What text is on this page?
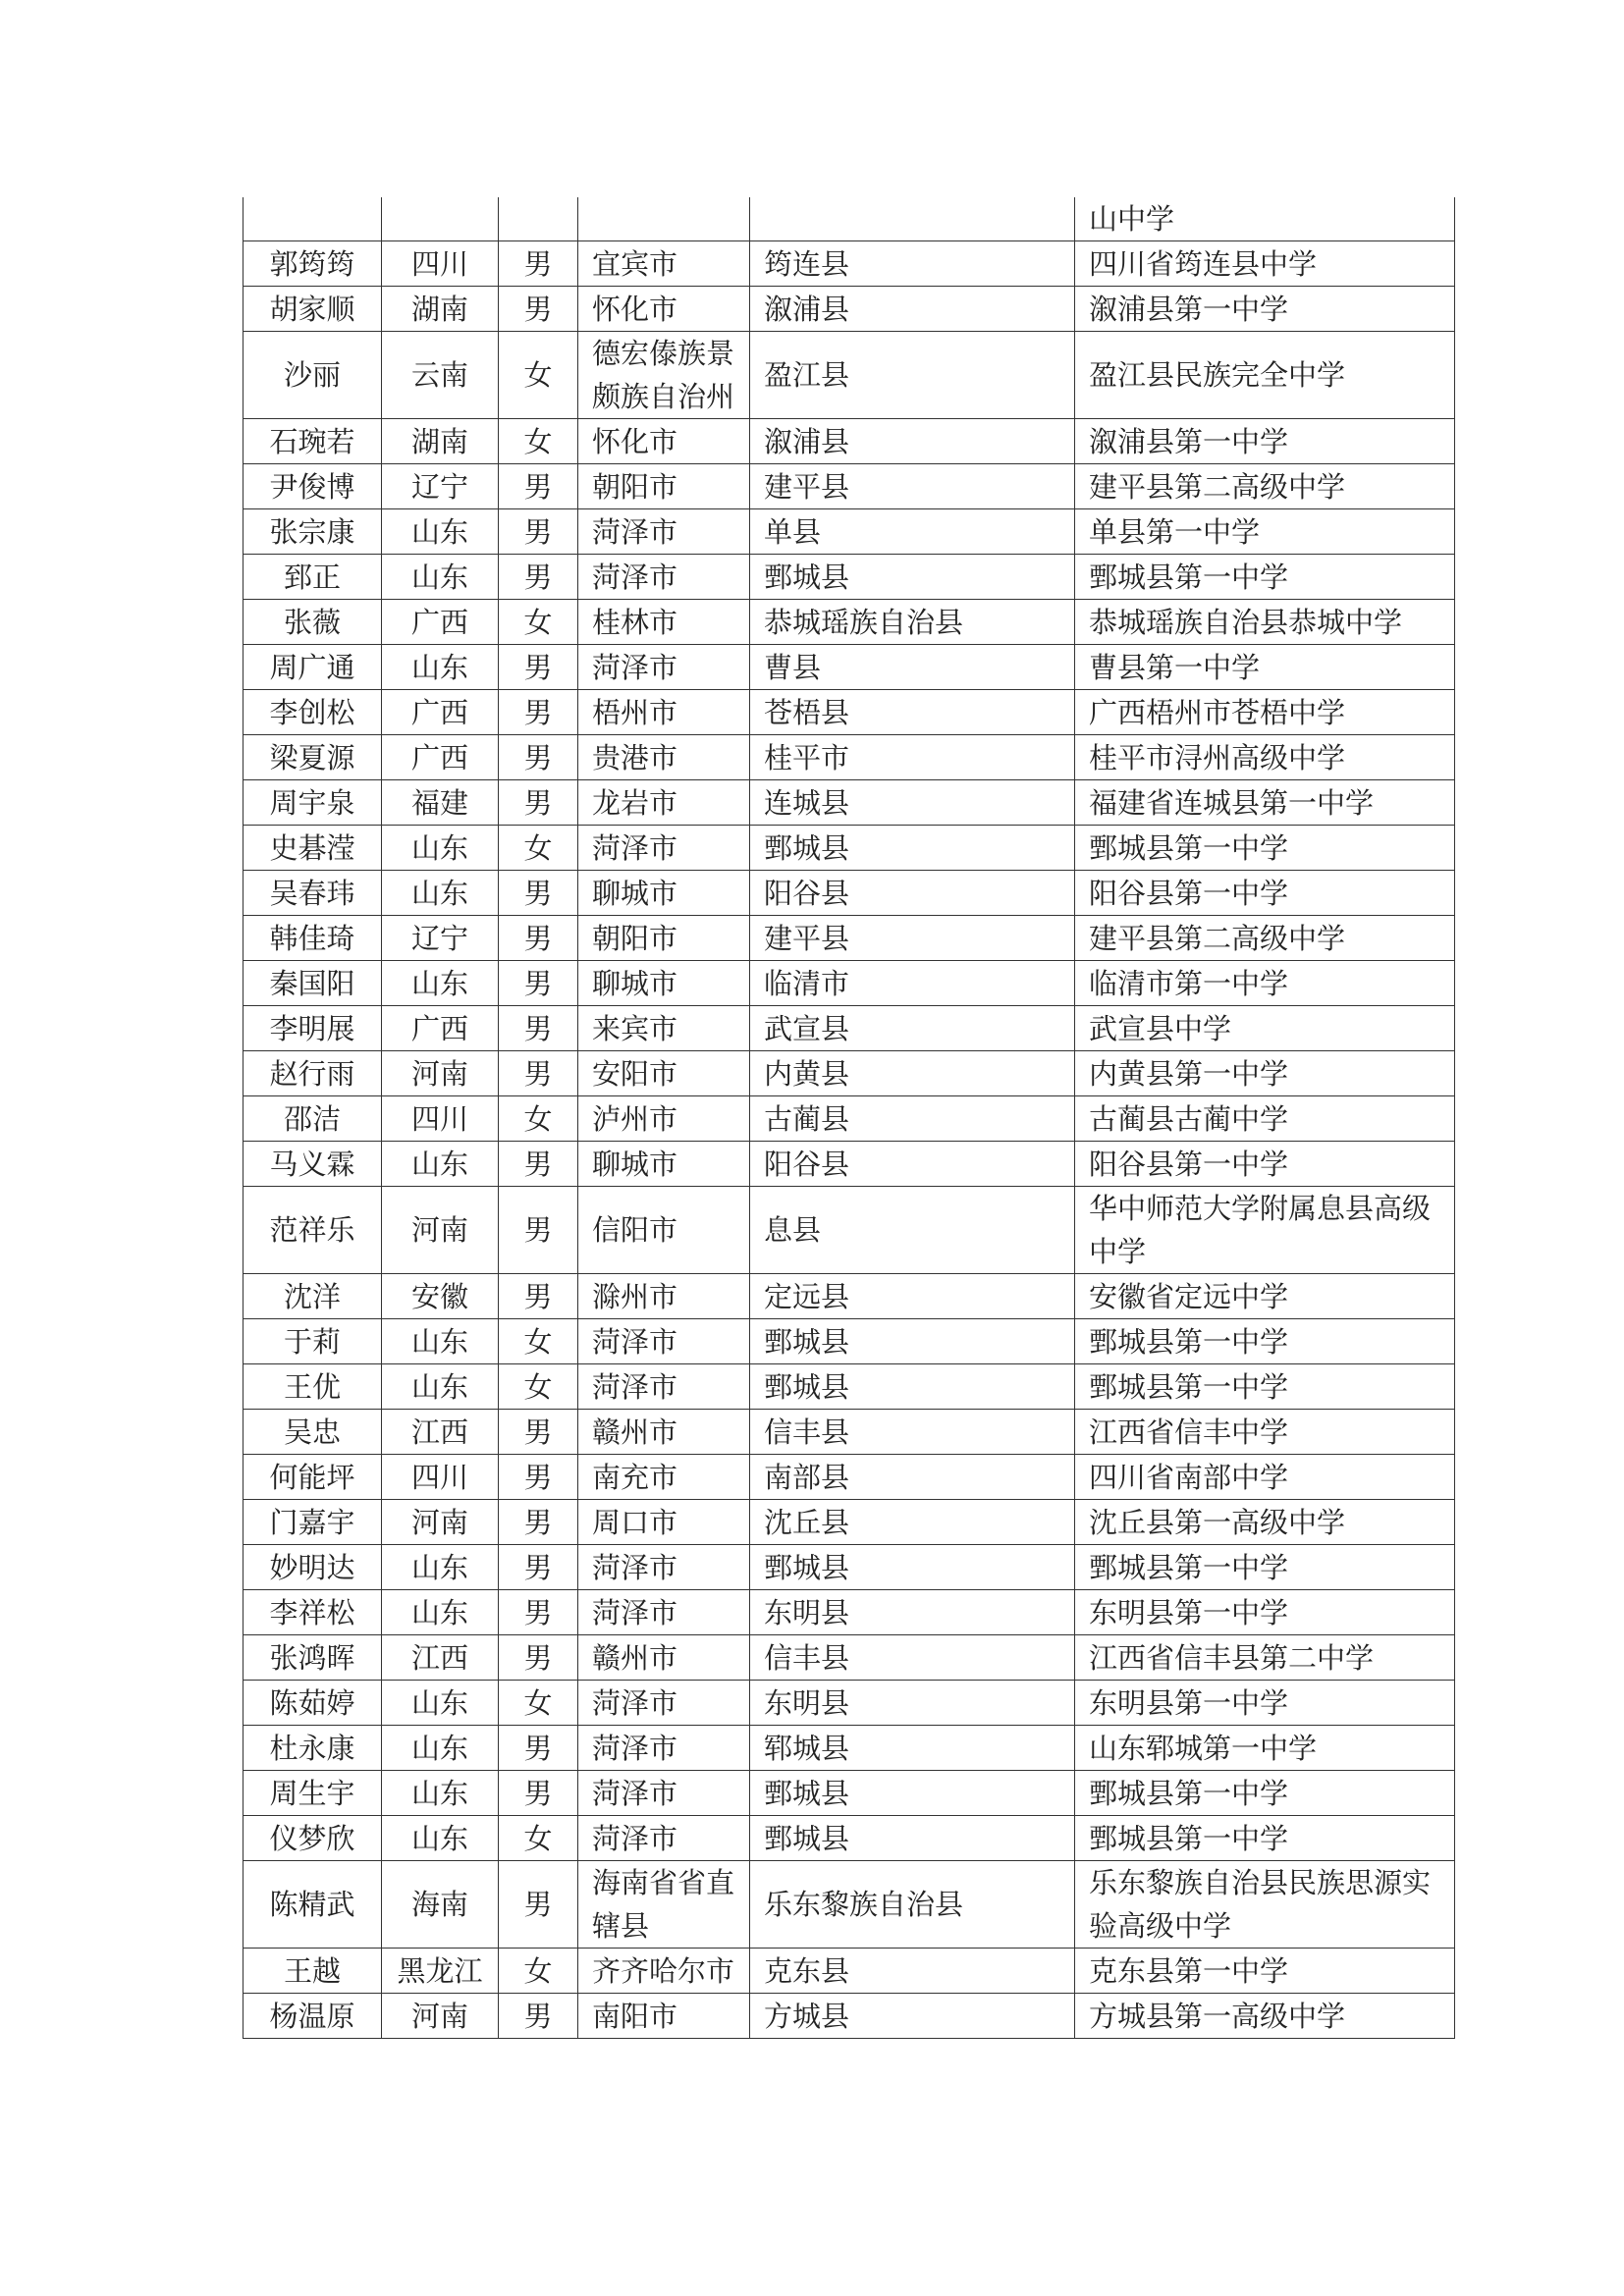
					山中学
郭筠筠	四川	男	宜宾市	筠连县	四川省筠连县中学
胡家顺	湖南	男	怀化市	溆浦县	溆浦县第一中学
沙丽	云南	女	德宏傣族景颇族自治州	盈江县	盈江县民族完全中学
石琬若	湖南	女	怀化市	溆浦县	溆浦县第一中学
尹俊博	辽宁	男	朝阳市	建平县	建平县第二高级中学
张宗康	山东	男	菏泽市	单县	单县第一中学
郅正	山东	男	菏泽市	鄄城县	鄄城县第一中学
张薇	广西	女	桂林市	恭城瑶族自治县	恭城瑶族自治县恭城中学
周广通	山东	男	菏泽市	曹县	曹县第一中学
李创松	广西	男	梧州市	苍梧县	广西梧州市苍梧中学
梁夏源	广西	男	贵港市	桂平市	桂平市浔州高级中学
周宇泉	福建	男	龙岩市	连城县	福建省连城县第一中学
史碁滢	山东	女	菏泽市	鄄城县	鄄城县第一中学
吴春玮	山东	男	聊城市	阳谷县	阳谷县第一中学
韩佳琦	辽宁	男	朝阳市	建平县	建平县第二高级中学
秦国阳	山东	男	聊城市	临清市	临清市第一中学
李明展	广西	男	来宾市	武宣县	武宣县中学
赵行雨	河南	男	安阳市	内黄县	内黄县第一中学
邵洁	四川	女	泸州市	古蔺县	古蔺县古蔺中学
马义霖	山东	男	聊城市	阳谷县	阳谷县第一中学
范祥乐	河南	男	信阳市	息县	华中师范大学附属息县高级中学
沈洋	安徽	男	滁州市	定远县	安徽省定远中学
于莉	山东	女	菏泽市	鄄城县	鄄城县第一中学
王优	山东	女	菏泽市	鄄城县	鄄城县第一中学
吴忠	江西	男	赣州市	信丰县	江西省信丰中学
何能坪	四川	男	南充市	南部县	四川省南部中学
门嘉宇	河南	男	周口市	沈丘县	沈丘县第一高级中学
妙明达	山东	男	菏泽市	鄄城县	鄄城县第一中学
李祥松	山东	男	菏泽市	东明县	东明县第一中学
张鸿晖	江西	男	赣州市	信丰县	江西省信丰县第二中学
陈茹婷	山东	女	菏泽市	东明县	东明县第一中学
杜永康	山东	男	菏泽市	郓城县	山东郓城第一中学
周生宇	山东	男	菏泽市	鄄城县	鄄城县第一中学
仪梦欣	山东	女	菏泽市	鄄城县	鄄城县第一中学
陈精武	海南	男	海南省省直辖县	乐东黎族自治县	乐东黎族自治县民族思源实验高级中学
王越	黑龙江	女	齐齐哈尔市	克东县	克东县第一中学
杨温原	河南	男	南阳市	方城县	方城县第一高级中学
